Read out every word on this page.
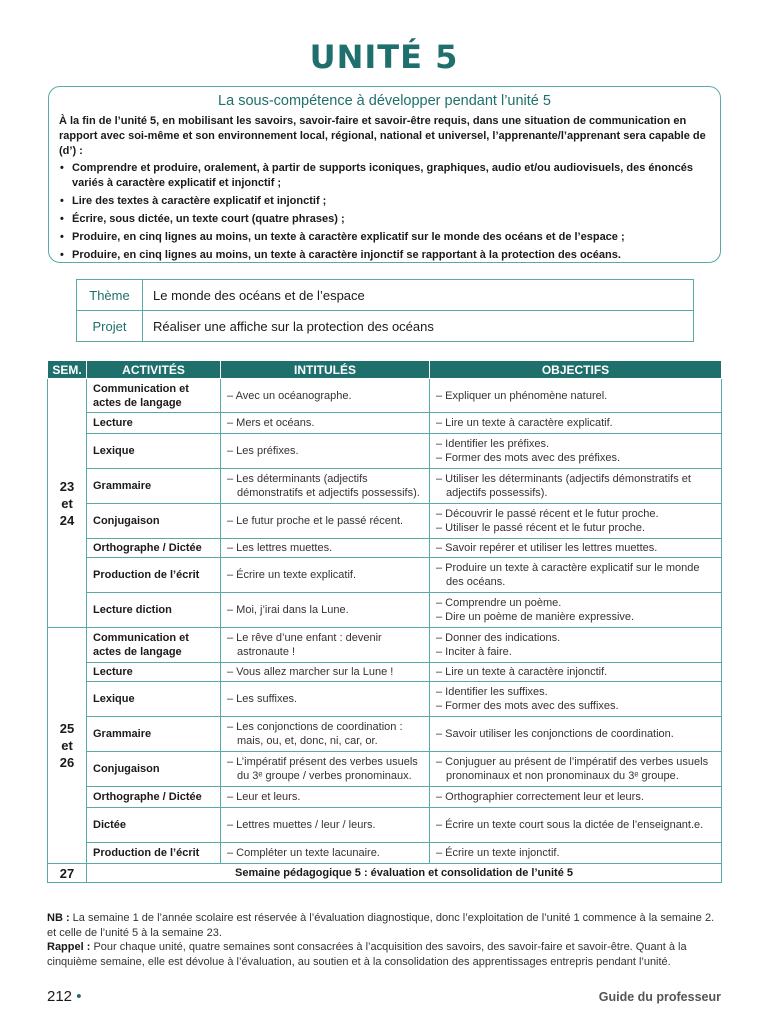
UNITÉ 5
La sous-compétence à développer pendant l’unité 5
À la fin de l’unité 5, en mobilisant les savoirs, savoir-faire et savoir-être requis, dans une situation de communication en rapport avec soi-même et son environnement local, régional, national et universel, l’apprenante/l’apprenant sera capable de (d’) :
• Comprendre et produire, oralement, à partir de supports iconiques, graphiques, audio et/ou audiovisuels, des énoncés variés à caractère explicatif et injonctif ;
• Lire des textes à caractère explicatif et injonctif ;
• Écrire, sous dictée, un texte court (quatre phrases) ;
• Produire, en cinq lignes au moins, un texte à caractère explicatif sur le monde des océans et de l’espace ;
• Produire, en cinq lignes au moins, un texte à caractère injonctif se rapportant à la protection des océans.
Thème	Le monde des océans et de l’espace
Projet	Réaliser une affiche sur la protection des océans
SEM.	ACTIVITÉS	INTITULÉS	OBJECTIFS

23
et
24	Communication et actes de langage	– Avec un océanographe.	– Expliquer un phénomène naturel.

	Lecture	– Mers et océans.	– Lire un texte à caractère explicatif.

	Lexique	– Les préfixes.	– Identifier les préfixes.
– Former des mots avec des préfixes.

	Grammaire	– Les déterminants (adjectifs démonstratifs et adjectifs possessifs).	– Utiliser les déterminants (adjectifs démonstratifs et adjectifs possessifs).

	Conjugaison	– Le futur proche et le passé récent.	– Découvrir le passé récent et le futur proche.
– Utiliser le passé récent et le futur proche.

	Orthographe / Dictée	– Les lettres muettes.	– Savoir repérer et utiliser les lettres muettes.

	Production de l’écrit	– Écrire un texte explicatif.	– Produire un texte à caractère explicatif sur le monde des océans.

	Lecture diction	– Moi, j’irai dans la Lune.	– Comprendre un poème.
– Dire un poème de manière expressive.

25
et
26	Communication et actes de langage	– Le rêve d’une enfant : devenir astronaute !	– Donner des indications.
– Inciter à faire.

	Lecture	– Vous allez marcher sur la Lune !	– Lire un texte à caractère injonctif.

	Lexique	– Les suffixes.	– Identifier les suffixes.
– Former des mots avec des suffixes.

	Grammaire	– Les conjonctions de coordination : mais, ou, et, donc, ni, car, or.	– Savoir utiliser les conjonctions de coordination.

	Conjugaison	– L’impératif présent des verbes usuels du 3ᵉ groupe / verbes pronominaux.	– Conjuguer au présent de l’impératif des verbes usuels pronominaux et non pronominaux du 3ᵉ groupe.

	Orthographe / Dictée	– Leur et leurs.	– Orthographier correctement leur et leurs.

	Dictée	– Lettres muettes / leur / leurs.	– Écrire un texte court sous la dictée de l’enseignant.e.

	Production de l’écrit	– Compléter un texte lacunaire.	– Écrire un texte injonctif.

27	Semaine pédagogique 5 : évaluation et consolidation de l’unité 5		

NB : La semaine 1 de l’année scolaire est réservée à l’évaluation diagnostique, donc l’exploitation de l’unité 1 commence à la semaine 2. et celle de l’unité 5 à la semaine 23.

Rappel : Pour chaque unité, quatre semaines sont consacrées à l’acquisition des savoirs, des savoir-faire et savoir-être. Quant à la cinquième semaine, elle est dévolue à l’évaluation, au soutien et à la consolidation des apprentissages entrepris pendant l’unité.

212 •	Guide du professeur
